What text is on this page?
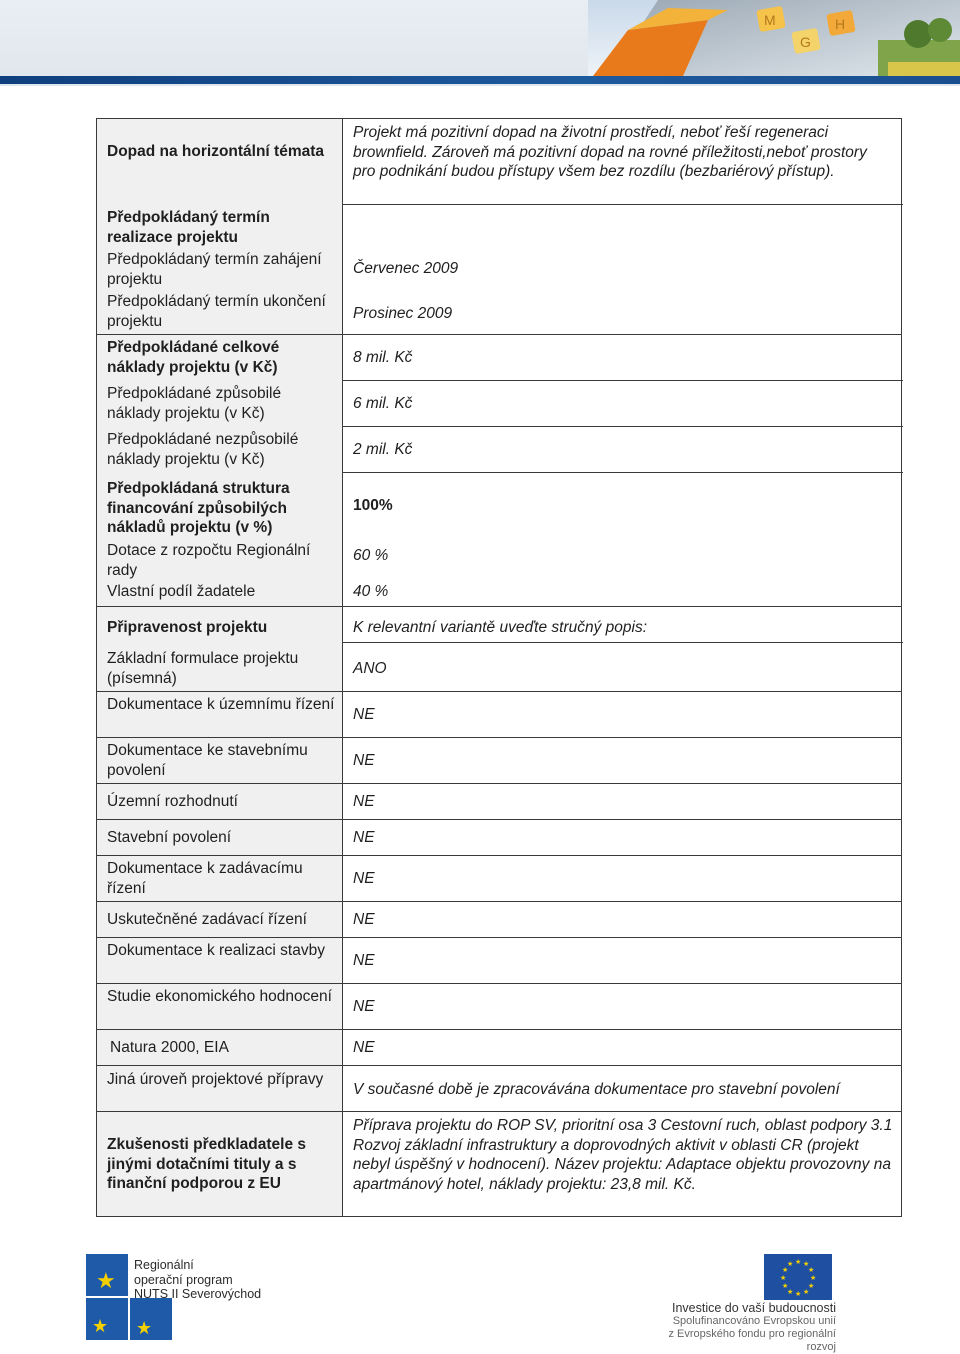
M
G
H
Dopad na horizontální témata
Předpokládaný termín realizace projektu
Předpokládaný termín zahájení projektu
Předpokládaný termín ukončení projektu
Předpokládané celkové náklady projektu (v Kč)
Předpokládané způsobilé náklady projektu (v Kč)
Předpokládané nezpůsobilé náklady projektu (v Kč)
Předpokládaná struktura financování způsobilých nákladů projektu (v %)
Dotace z rozpočtu Regionální rady
Vlastní podíl žadatele
Připravenost projektu
Základní formulace projektu (písemná)
Dokumentace k územnímu řízení
Dokumentace ke stavebnímu povolení
Územní rozhodnutí
Stavební povolení
Dokumentace k zadávacímu řízení
Uskutečněné zadávací řízení
Dokumentace k realizaci stavby
Studie ekonomického hodnocení
Natura 2000, EIA
Jiná úroveň projektové přípravy
Zkušenosti předkladatele s jinými dotačními tituly a s finanční podporou z EU
Projekt má pozitivní dopad na životní prostředí, neboť řeší regeneraci brownfield. Zároveň má pozitivní dopad na rovné příležitosti,neboť prostory pro podnikání budou přístupy všem bez rozdílu (bezbariérový přístup).
Červenec 2009
Prosinec 2009
8 mil. Kč
6 mil. Kč
2 mil. Kč
100%
60 %
40 %
K relevantní variantě uveďte stručný popis:
ANO
NE
NE
NE
NE
NE
NE
NE
NE
NE
V současné době je zpracovávána dokumentace pro stavební povolení
Příprava projektu do ROP SV, prioritní osa 3 Cestovní ruch, oblast podpory 3.1 Rozvoj základní infrastruktury a doprovodných aktivit v oblasti CR (projekt nebyl úspěšný v hodnocení). Název projektu: Adaptace objektu provozovny na apartmánový hotel, náklady projektu: 23,8 mil. Kč.
★
★ ★
Regionální
operační program
NUTS II Severovýchod
★ ★
★
★
★
★
★
★
★
★
★
★
Investice do vaší budoucnosti
Spolufinancováno Evropskou unií
z Evropského fondu pro regionální rozvoj
